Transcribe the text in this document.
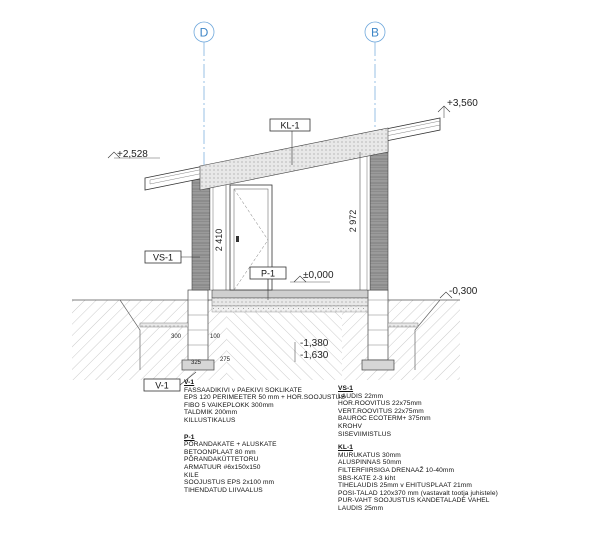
D	B
2 410
2 972
+3,560
+2,528
±0,000
-0,300
-1,380
-1,630
300	100
325	275
KL-1
VS-1
P-1
V-1 V-1
FASSAADIKIVI v PAEKIVI SOKLIKATE
EPS 120 PERIMEETER 50 mm + HOR.SOOJUSTUS
FIBO 5 VAIKEPLOKK 300mm
TALDMIK 200mm
KILLUSTIKALUS
P-1
PÕRANDAKATE + ALUSKATE
BETOONPLAAT 80 mm
PÕRANDAKÜTTETORU
ARMATUUR #6x150x150
KILE
SOOJUSTUS EPS 2x100 mm
TIHENDATUD LIIVAALUS
VS-1
LAUDIS 22mm
HOR.ROOVITUS 22x75mm
VERT.ROOVITUS 22x75mm
BAUROC ECOTERM+ 375mm
KROHV
SISEVIIMISTLUS
KL-1
MURUKATUS 30mm
ALUSPINNAS 50mm
FILTERFIIRSIGA DRENAAŽ 10-40mm
SBS-KATE 2-3 kiht
TIHELAUDIS 25mm v EHITUSPLAAT 21mm
POSI-TALAD 120x370 mm (vastavalt tootja juhistele)
PUR-VAHT SOOJUSTUS KANDETALADE VAHEL
LAUDIS 25mm
